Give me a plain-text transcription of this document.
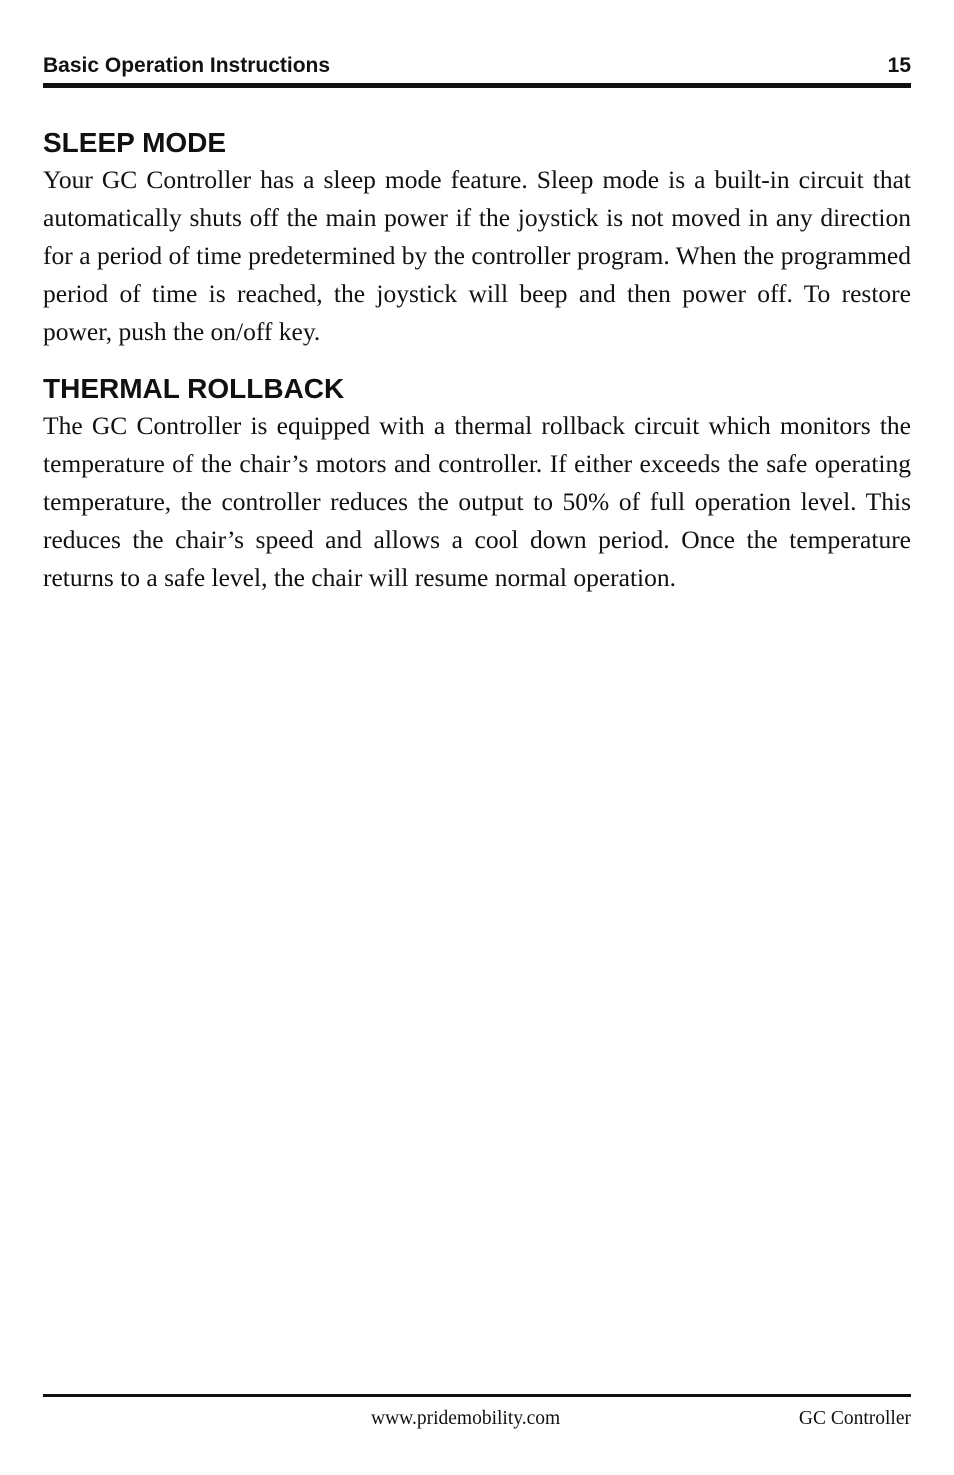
Basic Operation Instructions	15
SLEEP MODE

Your GC Controller has a sleep mode feature. Sleep mode is a built-in circuit that automatically shuts off the main power if the joystick is not moved in any direction for a period of time predetermined by the controller program. When the programmed period of time is reached, the joystick will beep and then power off. To restore power, push the on/off key.

THERMAL ROLLBACK

The GC Controller is equipped with a thermal rollback circuit which monitors the temperature of the chair’s motors and controller. If either exceeds the safe operating temperature, the controller reduces the output to 50% of full operation level. This reduces the chair’s speed and allows a cool down period. Once the temperature returns to a safe level, the chair will resume normal operation.

www.pridemobility.com	GC Controller
